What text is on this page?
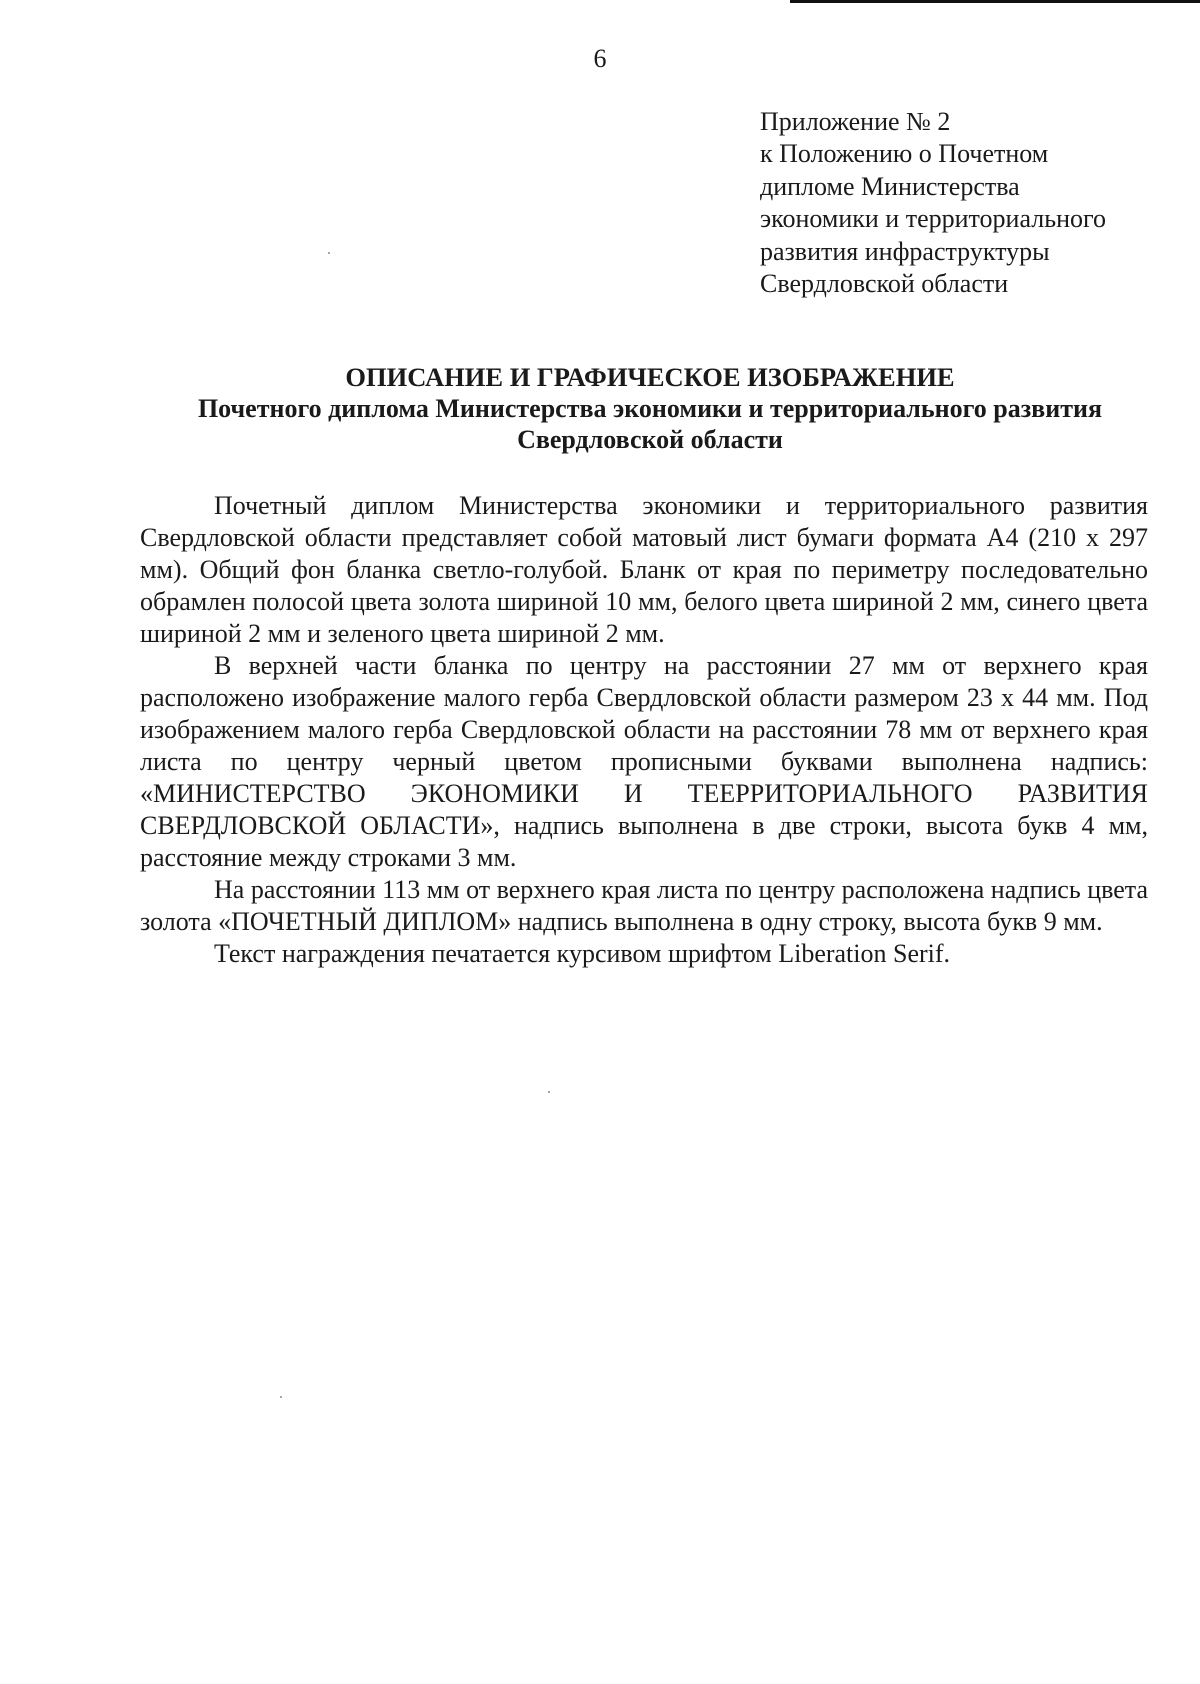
6
Приложение № 2
к Положению о Почетном
дипломе Министерства
экономики и территориального
развития инфраструктуры
Свердловской области
ОПИСАНИЕ И ГРАФИЧЕСКОЕ ИЗОБРАЖЕНИЕ
Почетного диплома Министерства экономики и территориального развития
Свердловской области

Почетный диплом Министерства экономики и территориального развития Свердловской области представляет собой матовый лист бумаги формата А4 (210 х 297 мм). Общий фон бланка светло-голубой. Бланк от края по периметру последовательно обрамлен полосой цвета золота шириной 10 мм, белого цвета шириной 2 мм, синего цвета шириной 2 мм и зеленого цвета шириной 2 мм.

В верхней части бланка по центру на расстоянии 27 мм от верхнего края расположено изображение малого герба Свердловской области размером 23 х 44 мм. Под изображением малого герба Свердловской области на расстоянии 78 мм от верхнего края листа по центру черный цветом прописными буквами выполнена надпись: «МИНИСТЕРСТВО ЭКОНОМИКИ И ТЕЕРРИТОРИАЛЬНОГО РАЗВИТИЯ СВЕРДЛОВСКОЙ ОБЛАСТИ», надпись выполнена в две строки, высота букв 4 мм, расстояние между строками 3 мм.

На расстоянии 113 мм от верхнего края листа по центру расположена надпись цвета золота «ПОЧЕТНЫЙ ДИПЛОМ» надпись выполнена в одну строку, высота букв 9 мм.

Текст награждения печатается курсивом шрифтом Liberation Serif.
